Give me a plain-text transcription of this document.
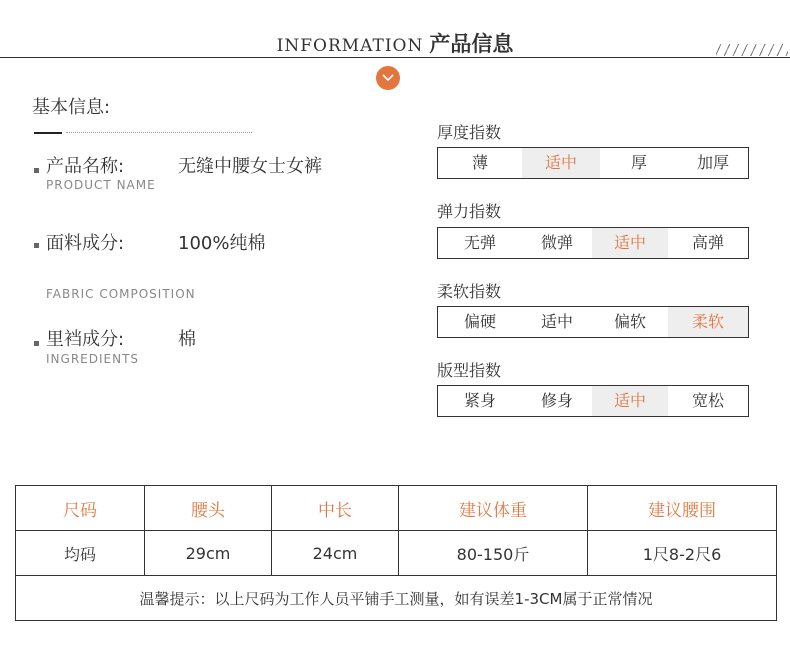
INFORMATION 产品信息
基本信息:
产品名称:
PRODUCT NAME
无缝中腰女士女裤
面料成分:	100%纯棉
FABRIC COMPOSITION
里裆成分:
INGREDIENTS
棉
厚度指数
薄	适中	厚	加厚
弹力指数
无弹	微弹	适中	高弹
柔软指数
偏硬	适中	偏软	柔软
版型指数
紧身	修身	适中	宽松
尺码	腰头	中长	建议体重	建议腰围
均码	29cm	24cm	80-150斤	1尺8-2尺6
温馨提示：以上尺码为工作人员平铺手工测量，如有误差1-3CM属于正常情况				
